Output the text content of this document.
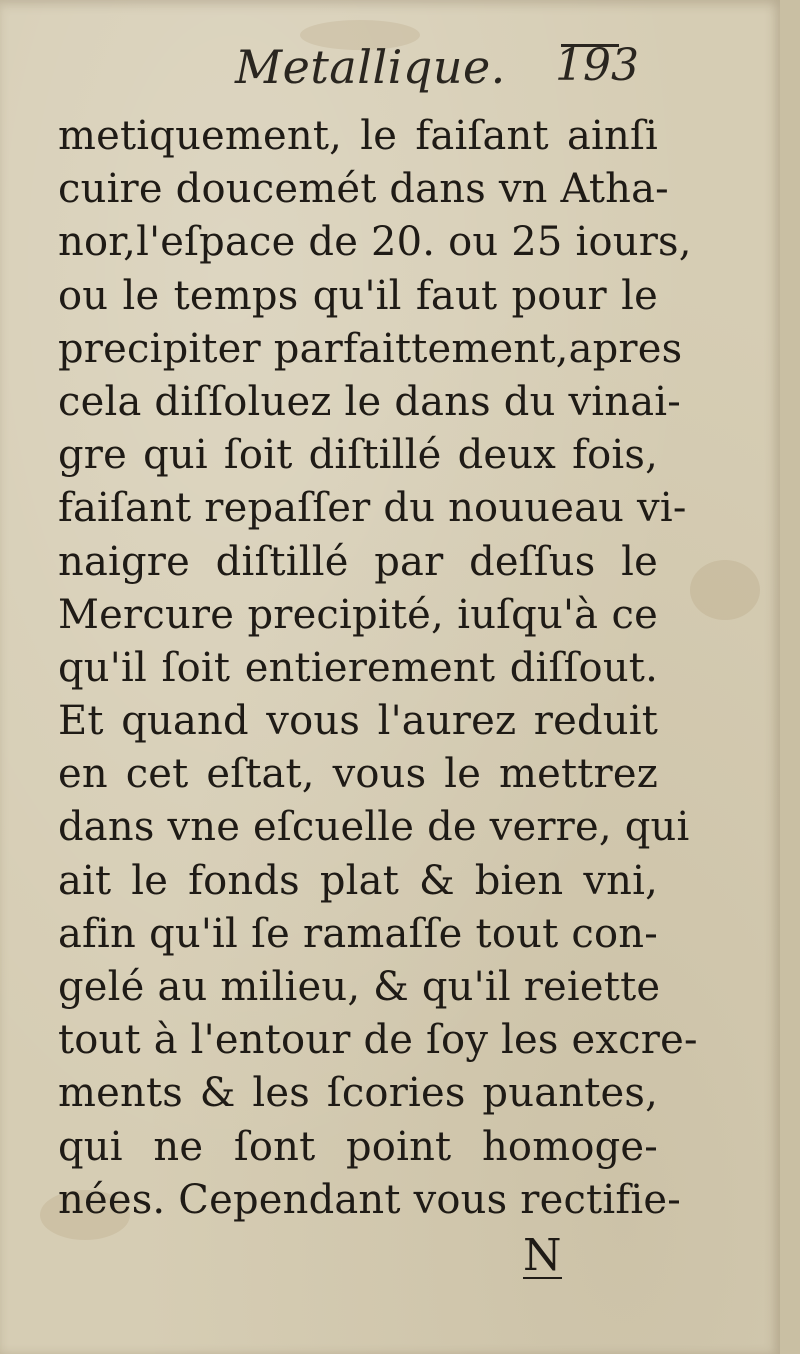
Metallique. 193
metiquement, le faiſant ainſi
cuire doucemét dans vn Atha-
nor,l'eſpace de 20. ou 25 iours,
ou le temps qu'il faut pour le
precipiter parfaittement,apres
cela diſſoluez le dans du vinai-
gre qui ſoit diſtillé deux fois,
faiſant repaſſer du nouueau vi-
naigre diſtillé par deſſus le
Mercure precipité, iuſqu'à ce
qu'il ſoit entierement diſſout.
Et quand vous l'aurez reduit
en cet eſtat, vous le mettrez
dans vne eſcuelle de verre, qui
ait le fonds plat & bien vni,
afin qu'il ſe ramaſſe tout con-
gelé au milieu, & qu'il reiette
tout à l'entour de ſoy les excre-
ments & les ſcories puantes,
qui ne ſont point homoge-
nées. Cependant vous rectifie-
N
